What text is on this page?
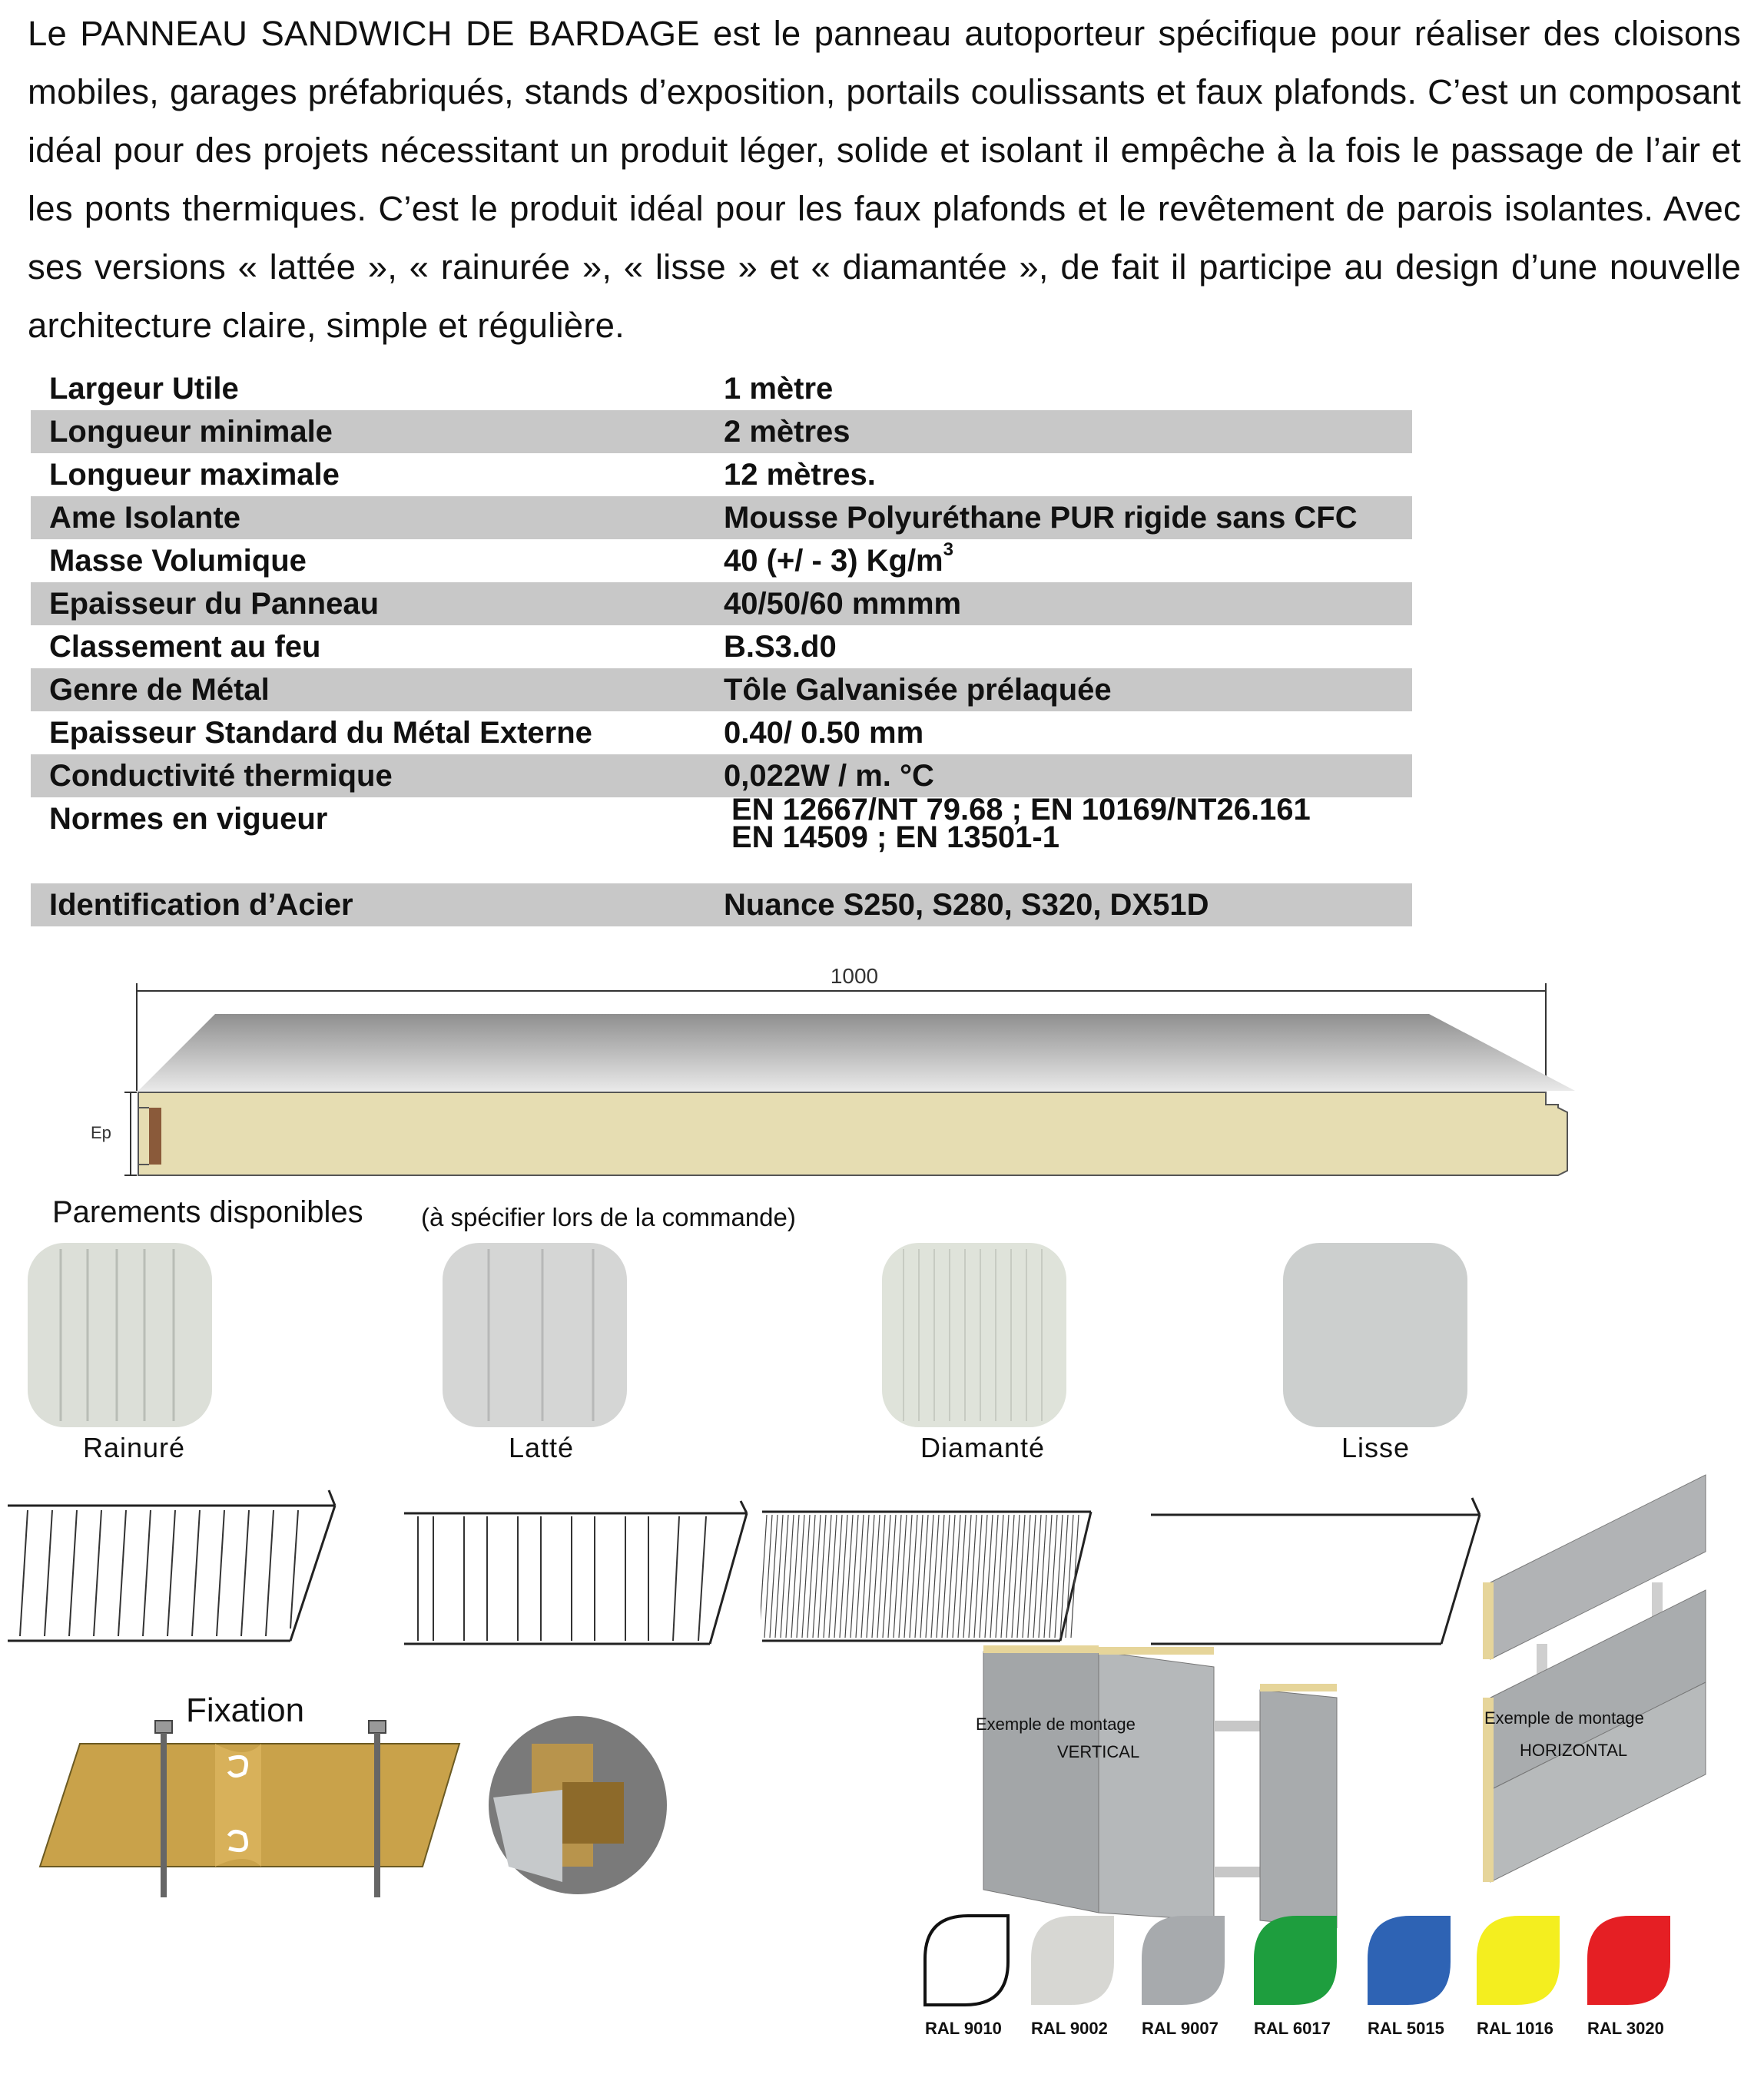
Le PANNEAU SANDWICH DE BARDAGE est le panneau autoporteur spécifique pour réaliser des cloisons mobiles, garages préfabriqués, stands d’exposition, portails coulissants et faux plafonds. C’est un composant idéal pour des projets nécessitant un produit léger, solide et isolant il empêche à la fois le passage de l’air et les ponts thermiques. C’est le produit idéal pour les faux plafonds et le revêtement de parois isolantes. Avec ses versions « lattée », « rainurée », « lisse » et « diamantée », de fait il participe au design d’une nouvelle architecture claire, simple et régulière.
Largeur Utile	1 mètre
Longueur minimale	2 mètres
Longueur maximale	12 mètres.
Ame Isolante	Mousse Polyuréthane PUR rigide sans CFC
Masse Volumique	40 (+/ - 3) $Kg/m^3$
Epaisseur du Panneau	40/50/60 mmmm
Classement au feu	B.S3.d0
Genre de Métal	Tôle Galvanisée prélaquée
Epaisseur Standard du Métal Externe	0.40/ 0.50 mm
Conductivité thermique	0,022W / m. °C
Normes en vigueur	EN 12667/NT 79.68 ; EN 10169/NT26.161
EN 14509 ; EN 13501-1
Identification d’Acier	Nuance S250, S280, S320, DX51D
1000
Ep
Parements disponibles (à spécifier lors de la commande)
Rainuré	Latté	Diamanté	Lisse
Fixation	Exemple de montage
VERTICAL
Exemple de montage
HORIZONTAL
RAL 9010 RAL 9002 RAL 9007 RAL 6017 RAL 5015 RAL 1016 RAL 3020
